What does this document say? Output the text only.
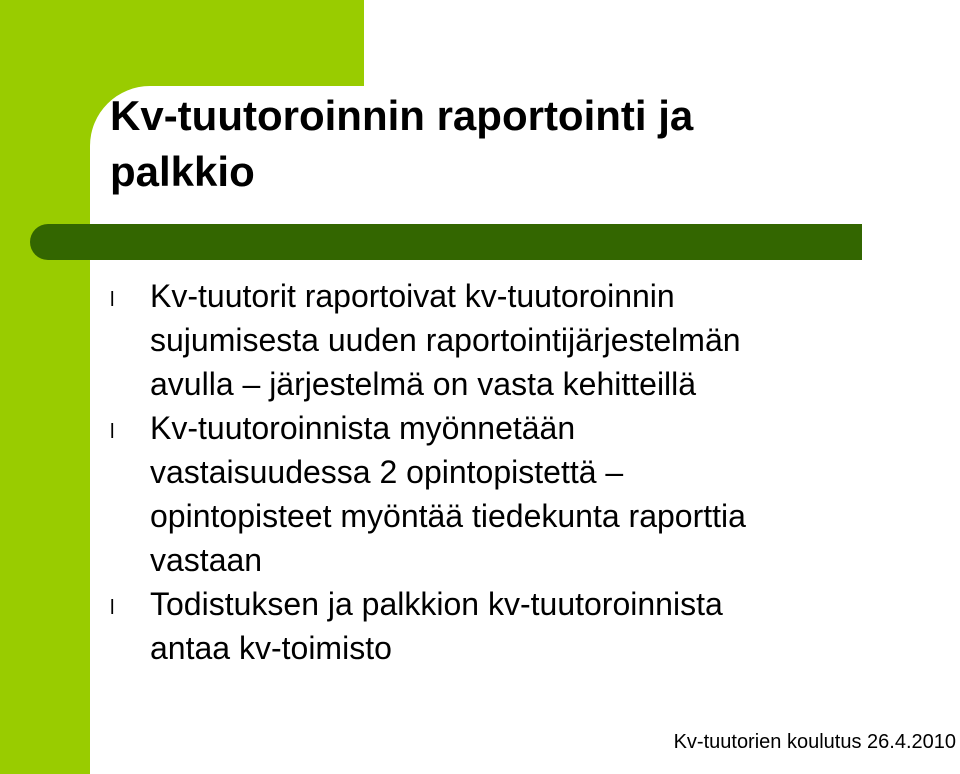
Kv-tuutoroinnin raportointi ja
palkkio
l Kv-tuutorit raportoivat kv-tuutoroinnin
sujumisesta uuden raportointijärjestelmän
avulla – järjestelmä on vasta kehitteillä
l Kv-tuutoroinnista myönnetään
vastaisuudessa 2 opintopistettä –
opintopisteet myöntää tiedekunta raporttia
vastaan
l Todistuksen ja palkkion kv-tuutoroinnista
antaa kv-toimisto
Kv-tuutorien koulutus 26.4.2010
